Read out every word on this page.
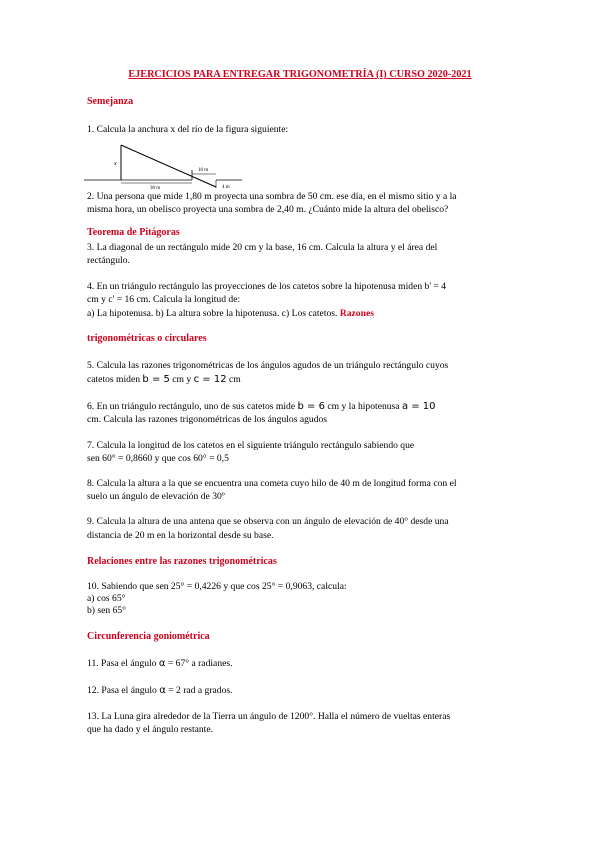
EJERCICIOS PARA ENTREGAR TRIGONOMETRÍA (I) CURSO 2020-2021
Semejanza
1. Calcula la anchura x del río de la figura siguiente:
x
10 m
30 m	4 m
2. Una persona que mide 1,80 m proyecta una sombra de 50 cm. ese día, en el mismo sitio y a la
misma hora, un obelisco proyecta una sombra de 2,40 m. ¿Cuánto mide la altura del obelisco?
Teorema de Pitágoras
3. La diagonal de un rectángulo mide 20 cm y la base, 16 cm. Calcula la altura y el área del
rectángulo.
4. En un triángulo rectángulo las proyecciones de los catetos sobre la hipotenusa miden b' = 4
cm y c' = 16 cm. Calcula la longitud de:
a) La hipotenusa. b) La altura sobre la hipotenusa. c) Los catetos. Razones
trigonométricas o circulares
5. Calcula las razones trigonométricas de los ángulos agudos de un triángulo rectángulo cuyos
catetos miden b = 5 cm y c = 12 cm
6. En un triángulo rectángulo, uno de sus catetos mide b = 6 cm y la hipotenusa a = 10
cm. Calcula las razones trigonométricas de los ángulos agudos
7. Calcula la longitud de los catetos en el siguiente triángulo rectángulo sabiendo que
sen 60° = 0,8660 y que cos 60° = 0,5
8. Calcula la altura a la que se encuentra una cometa cuyo hilo de 40 m de longitud forma con el
suelo un ángulo de elevación de 30º
9. Calcula la altura de una antena que se observa con un ángulo de elevación de 40° desde una
distancia de 20 m en la horizontal desde su base.
Relaciones entre las razones trigonométricas
10. Sabiendo que sen 25° = 0,4226 y que cos 25° = 0,9063, calcula:
a) cos 65°
b) sen 65°
Circunferencia goniométrica
11. Pasa el ángulo α = 67° a radianes.
12. Pasa el ángulo α = 2 rad a grados.
13. La Luna gira alrededor de la Tierra un ángulo de 1200°. Halla el número de vueltas enteras
que ha dado y el ángulo restante.
